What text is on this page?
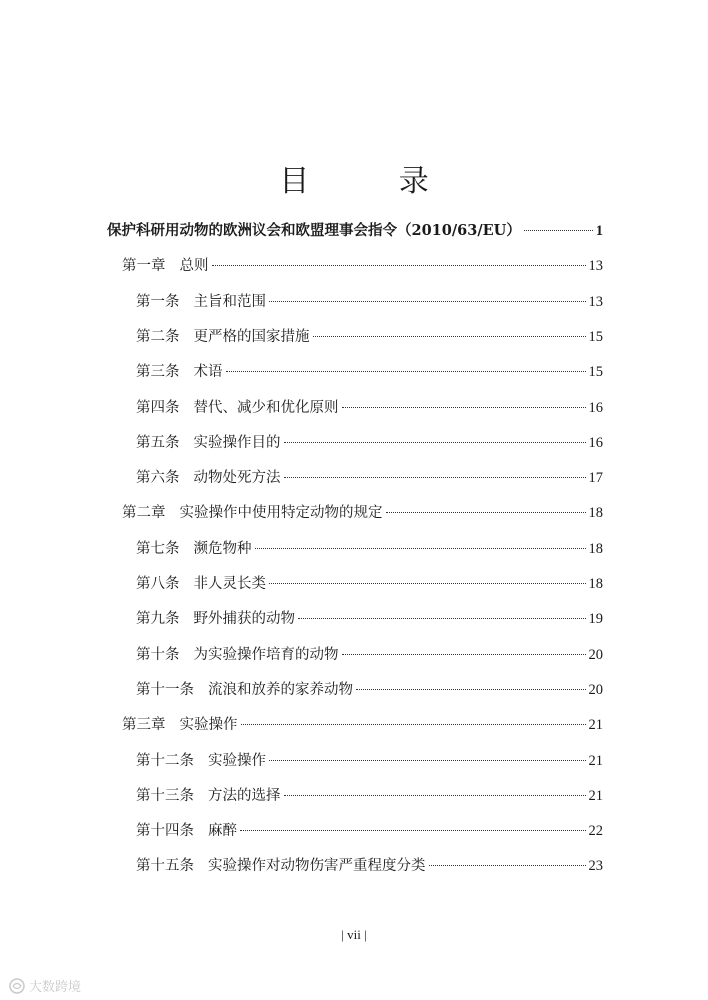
目 录
保护科研用动物的欧洲议会和欧盟理事会指令（2010/63/EU）	1
第一章 总则	13
第一条 主旨和范围	13
第二条 更严格的国家措施	15
第三条 术语	15
第四条 替代、减少和优化原则	16
第五条 实验操作目的	16
第六条 动物处死方法	17
第二章 实验操作中使用特定动物的规定	18
第七条 濒危物种	18
第八条 非人灵长类	18
第九条 野外捕获的动物	19
第十条 为实验操作培育的动物	20
第十一条 流浪和放养的家养动物	20
第三章 实验操作	21
第十二条 实验操作	21
第十三条 方法的选择	21
第十四条 麻醉	22
第十五条 实验操作对动物伤害严重程度分类	23
| vii |
大数跨境
